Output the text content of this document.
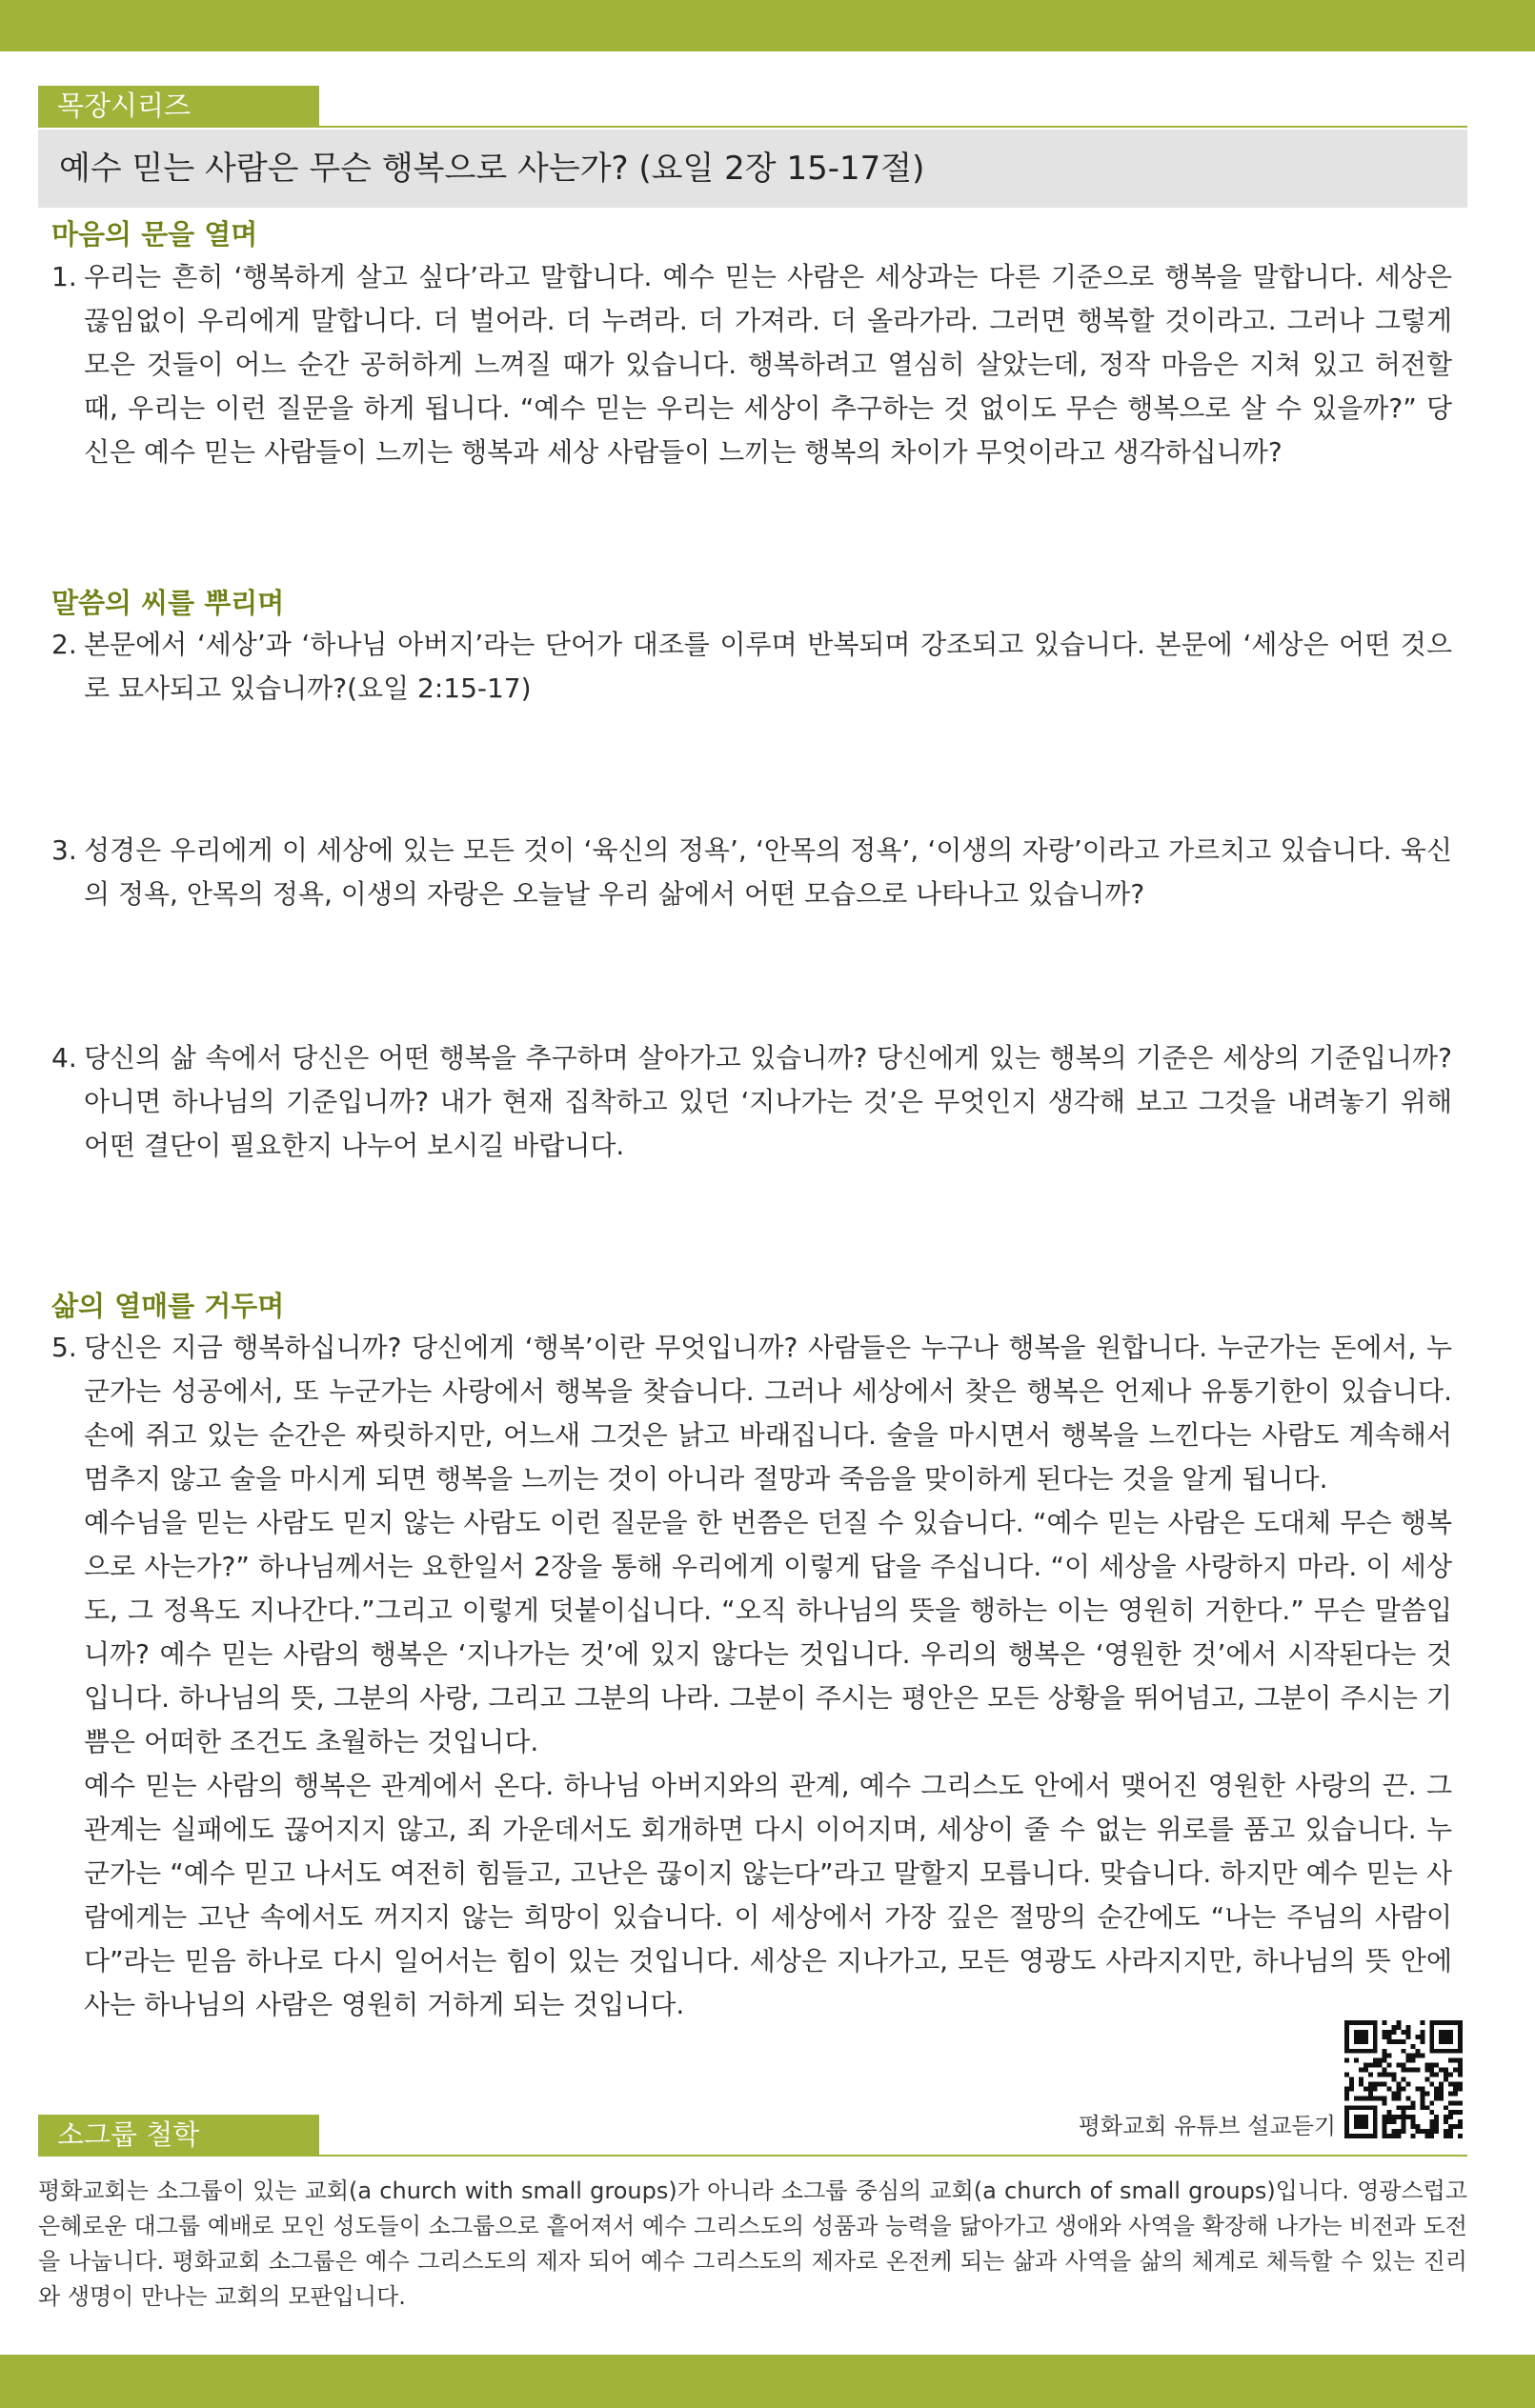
목장시리즈
예수 믿는 사람은 무슨 행복으로 사는가? (요일 2장 15-17절)
마음의 문을 열며
1. 우리는 흔히 ‘행복하게 살고 싶다’라고 말합니다. 예수 믿는 사람은 세상과는 다른 기준으로 행복을 말합니다. 세상은 끊임없이 우리에게 말합니다. 더 벌어라. 더 누려라. 더 가져라. 더 올라가라. 그러면 행복할 것이라고. 그러나 그렇게 모은 것들이 어느 순간 공허하게 느껴질 때가 있습니다. 행복하려고 열심히 살았는데, 정작 마음은 지쳐 있고 허전할 때, 우리는 이런 질문을 하게 됩니다. “예수 믿는 우리는 세상이 추구하는 것 없이도 무슨 행복으로 살 수 있을까?” 당신은 예수 믿는 사람들이 느끼는 행복과 세상 사람들이 느끼는 행복의 차이가 무엇이라고 생각하십니까?
말씀의 씨를 뿌리며
2. 본문에서 ‘세상’과 ‘하나님 아버지’라는 단어가 대조를 이루며 반복되며 강조되고 있습니다. 본문에 ‘세상은 어떤 것으로 묘사되고 있습니까?(요일 2:15-17)
3. 성경은 우리에게 이 세상에 있는 모든 것이 ‘육신의 정욕’, ‘안목의 정욕’, ‘이생의 자랑’이라고 가르치고 있습니다. 육신의 정욕, 안목의 정욕, 이생의 자랑은 오늘날 우리 삶에서 어떤 모습으로 나타나고 있습니까?
4. 당신의 삶 속에서 당신은 어떤 행복을 추구하며 살아가고 있습니까? 당신에게 있는 행복의 기준은 세상의 기준입니까? 아니면 하나님의 기준입니까? 내가 현재 집착하고 있던 ‘지나가는 것’은 무엇인지 생각해 보고 그것을 내려놓기 위해 어떤 결단이 필요한지 나누어 보시길 바랍니다.
삶의 열매를 거두며
5. 당신은 지금 행복하십니까? 당신에게 ‘행복’이란 무엇입니까? 사람들은 누구나 행복을 원합니다. 누군가는 돈에서, 누군가는 성공에서, 또 누군가는 사랑에서 행복을 찾습니다. 그러나 세상에서 찾은 행복은 언제나 유통기한이 있습니다. 손에 쥐고 있는 순간은 짜릿하지만, 어느새 그것은 낡고 바래집니다. 술을 마시면서 행복을 느낀다는 사람도 계속해서 멈추지 않고 술을 마시게 되면 행복을 느끼는 것이 아니라 절망과 죽음을 맞이하게 된다는 것을 알게 됩니다.

예수님을 믿는 사람도 믿지 않는 사람도 이런 질문을 한 번쯤은 던질 수 있습니다. “예수 믿는 사람은 도대체 무슨 행복으로 사는가?” 하나님께서는 요한일서 2장을 통해 우리에게 이렇게 답을 주십니다. “이 세상을 사랑하지 마라. 이 세상도, 그 정욕도 지나간다.”그리고 이렇게 덧붙이십니다. “오직 하나님의 뜻을 행하는 이는 영원히 거한다.” 무슨 말씀입니까? 예수 믿는 사람의 행복은 ‘지나가는 것’에 있지 않다는 것입니다. 우리의 행복은 ‘영원한 것’에서 시작된다는 것입니다. 하나님의 뜻, 그분의 사랑, 그리고 그분의 나라. 그분이 주시는 평안은 모든 상황을 뛰어넘고, 그분이 주시는 기쁨은 어떠한 조건도 초월하는 것입니다.

예수 믿는 사람의 행복은 관계에서 온다. 하나님 아버지와의 관계, 예수 그리스도 안에서 맺어진 영원한 사랑의 끈. 그 관계는 실패에도 끊어지지 않고, 죄 가운데서도 회개하면 다시 이어지며, 세상이 줄 수 없는 위로를 품고 있습니다. 누군가는 “예수 믿고 나서도 여전히 힘들고, 고난은 끊이지 않는다”라고 말할지 모릅니다. 맞습니다. 하지만 예수 믿는 사람에게는 고난 속에서도 꺼지지 않는 희망이 있습니다. 이 세상에서 가장 깊은 절망의 순간에도 “나는 주님의 사람이다”라는 믿음 하나로 다시 일어서는 힘이 있는 것입니다. 세상은 지나가고, 모든 영광도 사라지지만, 하나님의 뜻 안에 사는 하나님의 사람은 영원히 거하게 되는 것입니다.

평화교회 유튜브 설교듣기
소그룹 철학
평화교회는 소그룹이 있는 교회(a church with small groups)가 아니라 소그룹 중심의 교회(a church of small groups)입니다. 영광스럽고 은혜로운 대그룹 예배로 모인 성도들이 소그룹으로 흩어져서 예수 그리스도의 성품과 능력을 닮아가고 생애와 사역을 확장해 나가는 비전과 도전을 나눕니다. 평화교회 소그룹은 예수 그리스도의 제자 되어 예수 그리스도의 제자로 온전케 되는 삶과 사역을 삶의 체계로 체득할 수 있는 진리와 생명이 만나는 교회의 모판입니다.
